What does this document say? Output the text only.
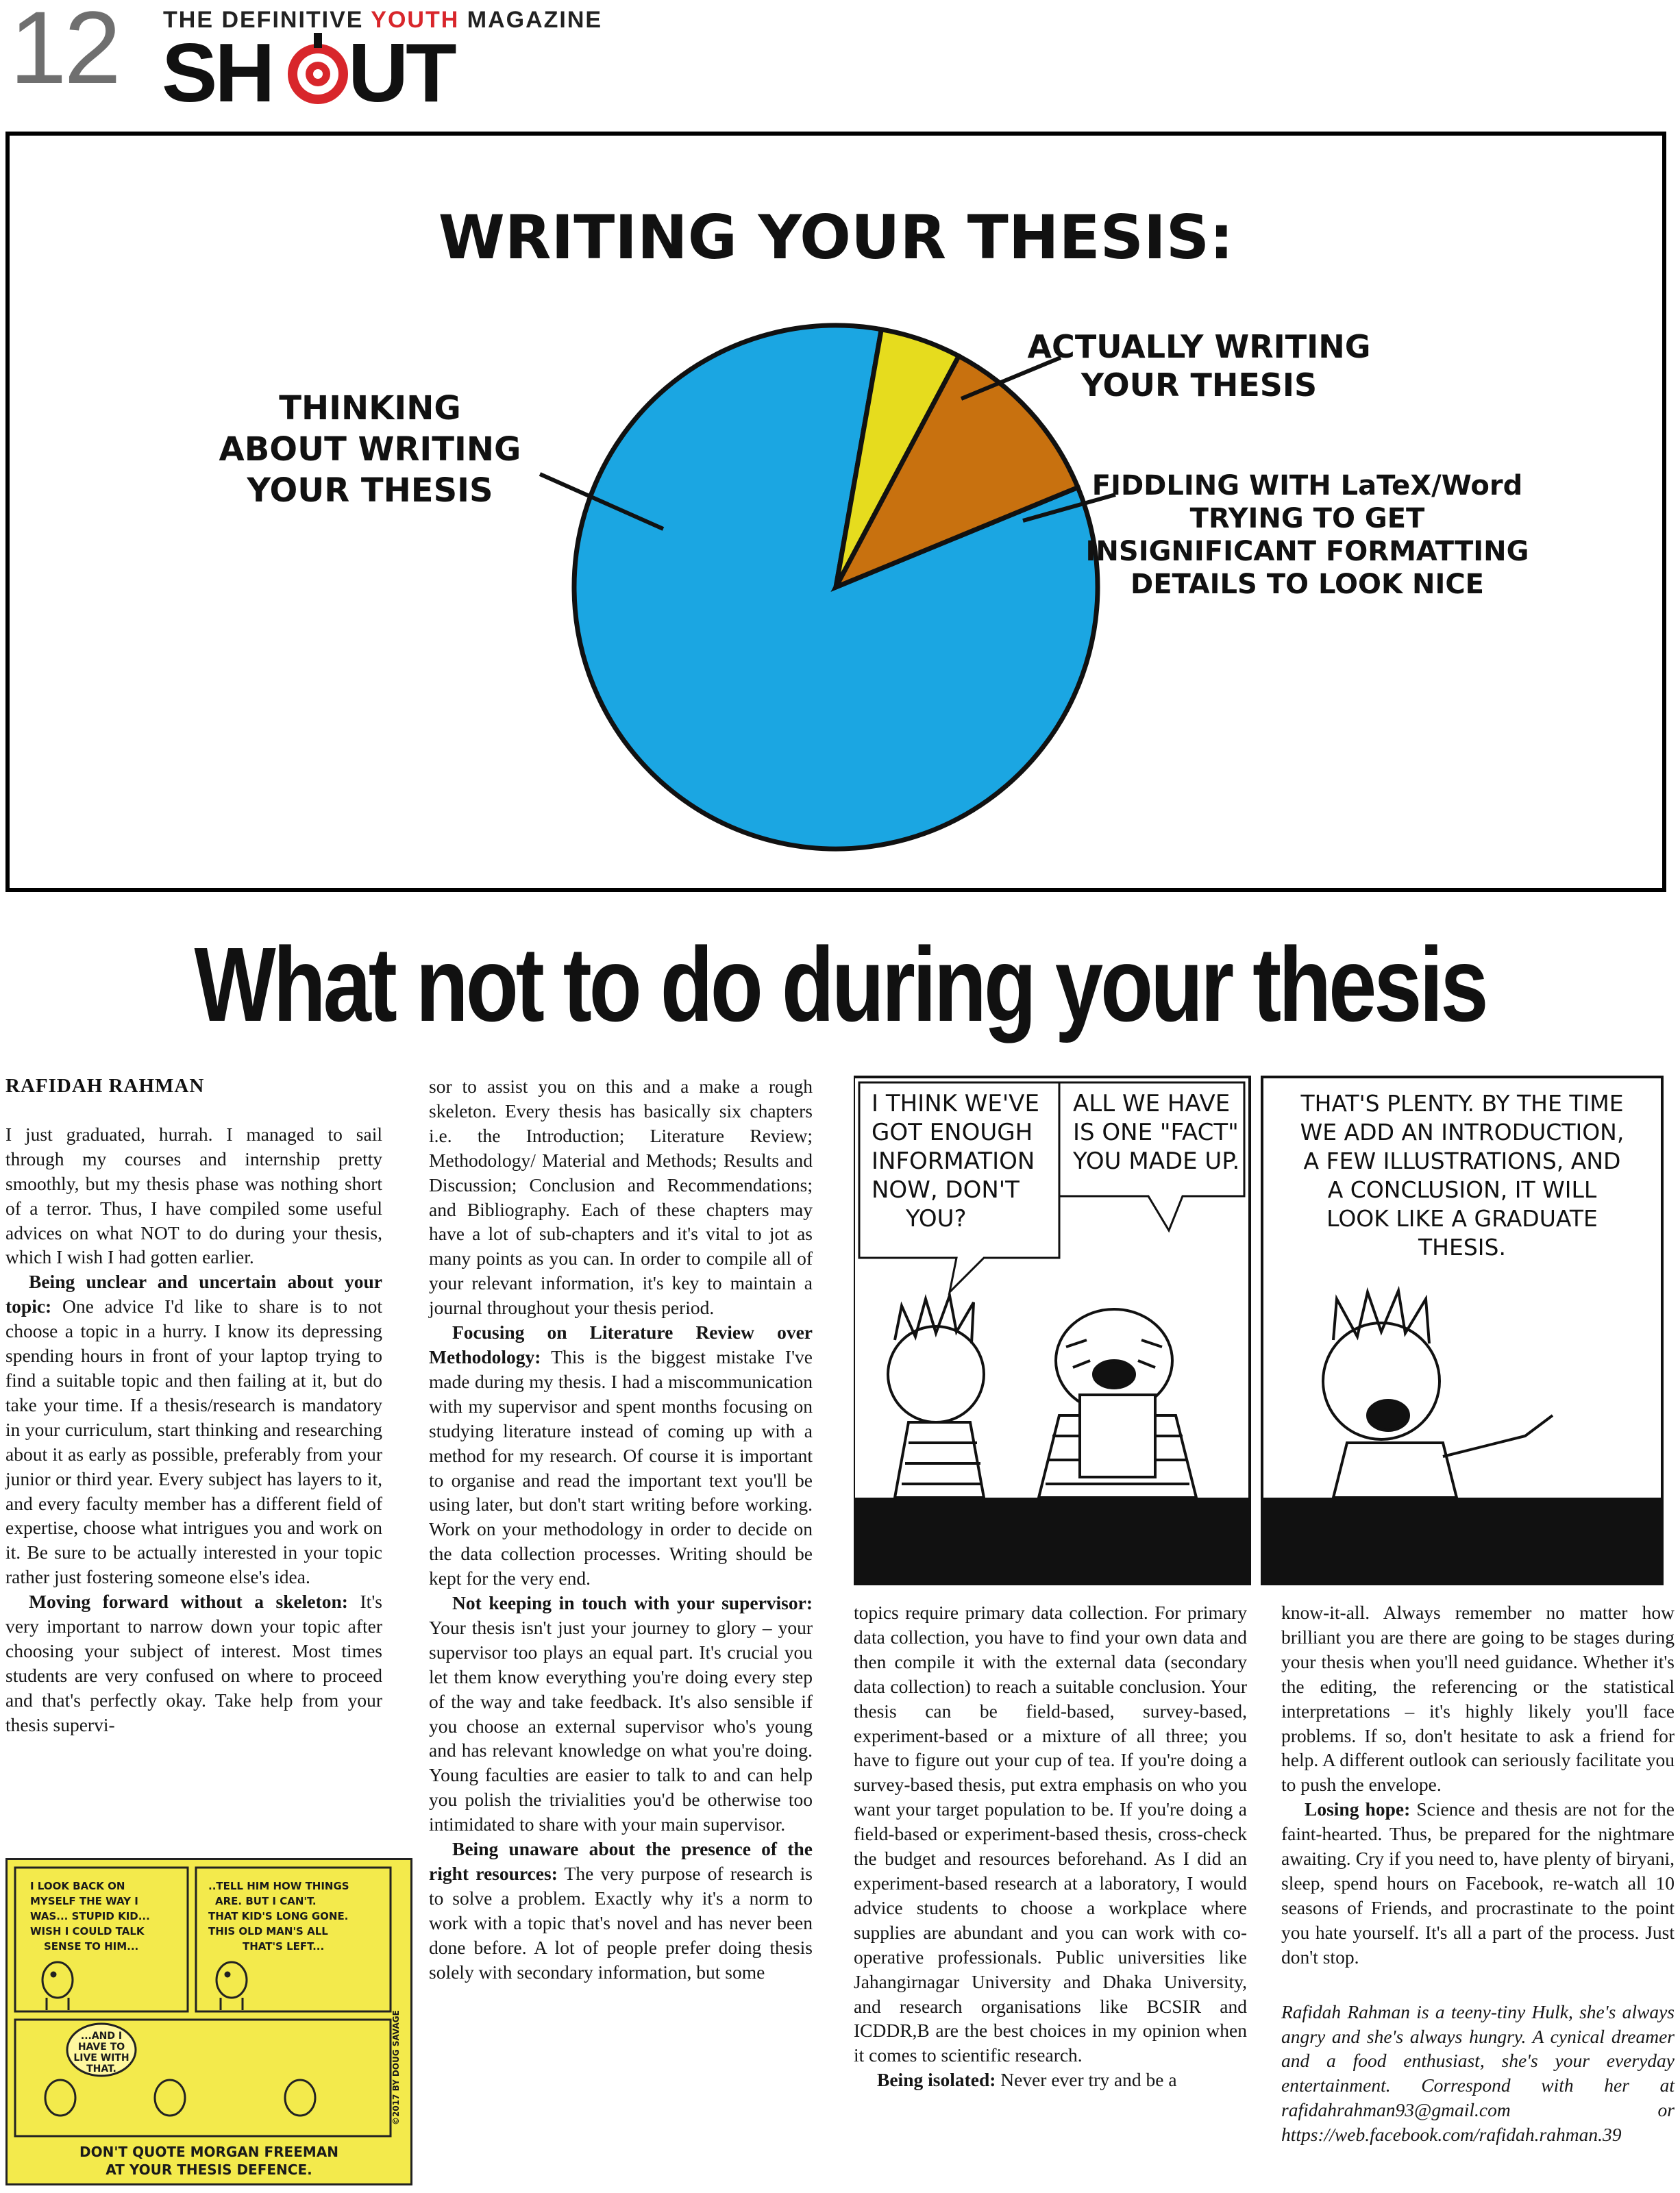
12 THE DEFINITIVE YOUTH MAGAZINE
SH UT
WRITING YOUR THESIS:
THINKING
ABOUT WRITING
YOUR THESIS
ACTUALLY WRITING
YOUR THESIS
FIDDLING WITH LaTeX/Word
TRYING TO GET
INSIGNIFICANT FORMATTING
DETAILS TO LOOK NICE
What not to do during your thesis
RAFIDAH RAHMAN

I just graduated, hurrah. I managed to sail through my courses and internship pretty smoothly, but my thesis phase was nothing short of a terror. Thus, I have compiled some useful advices on what NOT to do during your thesis, which I wish I had gotten earlier.

Being unclear and uncertain about your topic: One advice I'd like to share is to not choose a topic in a hurry. I know its depressing spending hours in front of your laptop trying to find a suitable topic and then failing at it, but do take your time. If a thesis/research is mandatory in your curriculum, start thinking and researching about it as early as possible, preferably from your junior or third year. Every subject has layers to it, and every faculty member has a different field of expertise, choose what intrigues you and work on it. Be sure to be actually interested in your topic rather just fostering someone else's idea.

Moving forward without a skeleton: It's very important to narrow down your topic after choosing your subject of interest. Most times students are very confused on where to proceed and that's perfectly okay. Take help from your thesis supervi-

I LOOK BACK ON
MYSELF THE WAY I
WAS... STUPID KID...
WISH I COULD TALK
SENSE TO HIM...
..TELL HIM HOW THINGS
ARE. BUT I CAN'T.
THAT KID'S LONG GONE.
THIS OLD MAN'S ALL
THAT'S LEFT...
...AND I
HAVE TO
LIVE WITH
THAT.	©2017 BY DOUG SAVAGE
DON'T QUOTE MORGAN FREEMAN
AT YOUR THESIS DEFENCE.

sor to assist you on this and a make a rough skeleton. Every thesis has basically six chapters i.e. the Introduction; Literature Review; Methodology/ Material and Methods; Results and Discussion; Conclusion and Recommendations; and Bibliography. Each of these chapters may have a lot of sub-chapters and it's vital to jot as many points as you can. In order to compile all of your relevant information, it's key to maintain a journal throughout your thesis period.

Focusing on Literature Review over Methodology: This is the biggest mistake I've made during my thesis. I had a miscommunication with my supervisor and spent months focusing on studying literature instead of coming up with a method for my research. Of course it is important to organise and read the important text you'll be using later, but don't start writing before working. Work on your methodology in order to decide on the data collection processes. Writing should be kept for the very end.

Not keeping in touch with your supervisor: Your thesis isn't just your journey to glory – your supervisor too plays an equal part. It's crucial you let them know everything you're doing every step of the way and take feedback. It's also sensible if you choose an external supervisor who's young and has relevant knowledge on what you're doing. Young faculties are easier to talk to and can help you polish the trivialities you'd be otherwise too intimidated to share with your main supervisor.

Being unaware about the presence of the right resources: The very purpose of research is to solve a problem. Exactly why it's a norm to work with a topic that's novel and has never been done before. A lot of people prefer doing thesis solely with secondary information, but some

I THINK WE'VE
GOT ENOUGH
INFORMATION
NOW, DON'T
YOU?
ALL WE HAVE
IS ONE "FACT"
YOU MADE UP.
THAT'S PLENTY. BY THE TIME
WE ADD AN INTRODUCTION,
A FEW ILLUSTRATIONS, AND
A CONCLUSION, IT WILL
LOOK LIKE A GRADUATE
THESIS.

topics require primary data collection. For primary data collection, you have to find your own data and then compile it with the external data (secondary data collection) to reach a suitable conclusion. Your thesis can be field-based, survey-based, experiment-based or a mixture of all three; you have to figure out your cup of tea. If you're doing a survey-based thesis, put extra emphasis on who you want your target population to be. If you're doing a field-based or experiment-based thesis, cross-check the budget and resources beforehand. As I did an experiment-based research at a laboratory, I would advice students to choose a workplace where supplies are abundant and you can work with co-operative professionals. Public universities like Jahangirnagar University and Dhaka University, and research organisations like BCSIR and ICDDR,B are the best choices in my opinion when it comes to scientific research.

Being isolated: Never ever try and be a

know-it-all. Always remember no matter how brilliant you are there are going to be stages during your thesis when you'll need guidance. Whether it's the editing, the referencing or the statistical interpretations – it's highly likely you'll face problems. If so, don't hesitate to ask a friend for help. A different outlook can seriously facilitate you to push the envelope.

Losing hope: Science and thesis are not for the faint-hearted. Thus, be prepared for the nightmare awaiting. Cry if you need to, have plenty of biryani, sleep, spend hours on Facebook, re-watch all 10 seasons of Friends, and procrastinate to the point you hate yourself. It's all a part of the process. Just don't stop.

Rafidah Rahman is a teeny-tiny Hulk, she's always angry and she's always hungry. A cynical dreamer and a food enthusiast, she's your everyday entertainment. Correspond with her at rafidahrahman93@gmail.com or https://web.facebook.com/rafidah.rahman.39
